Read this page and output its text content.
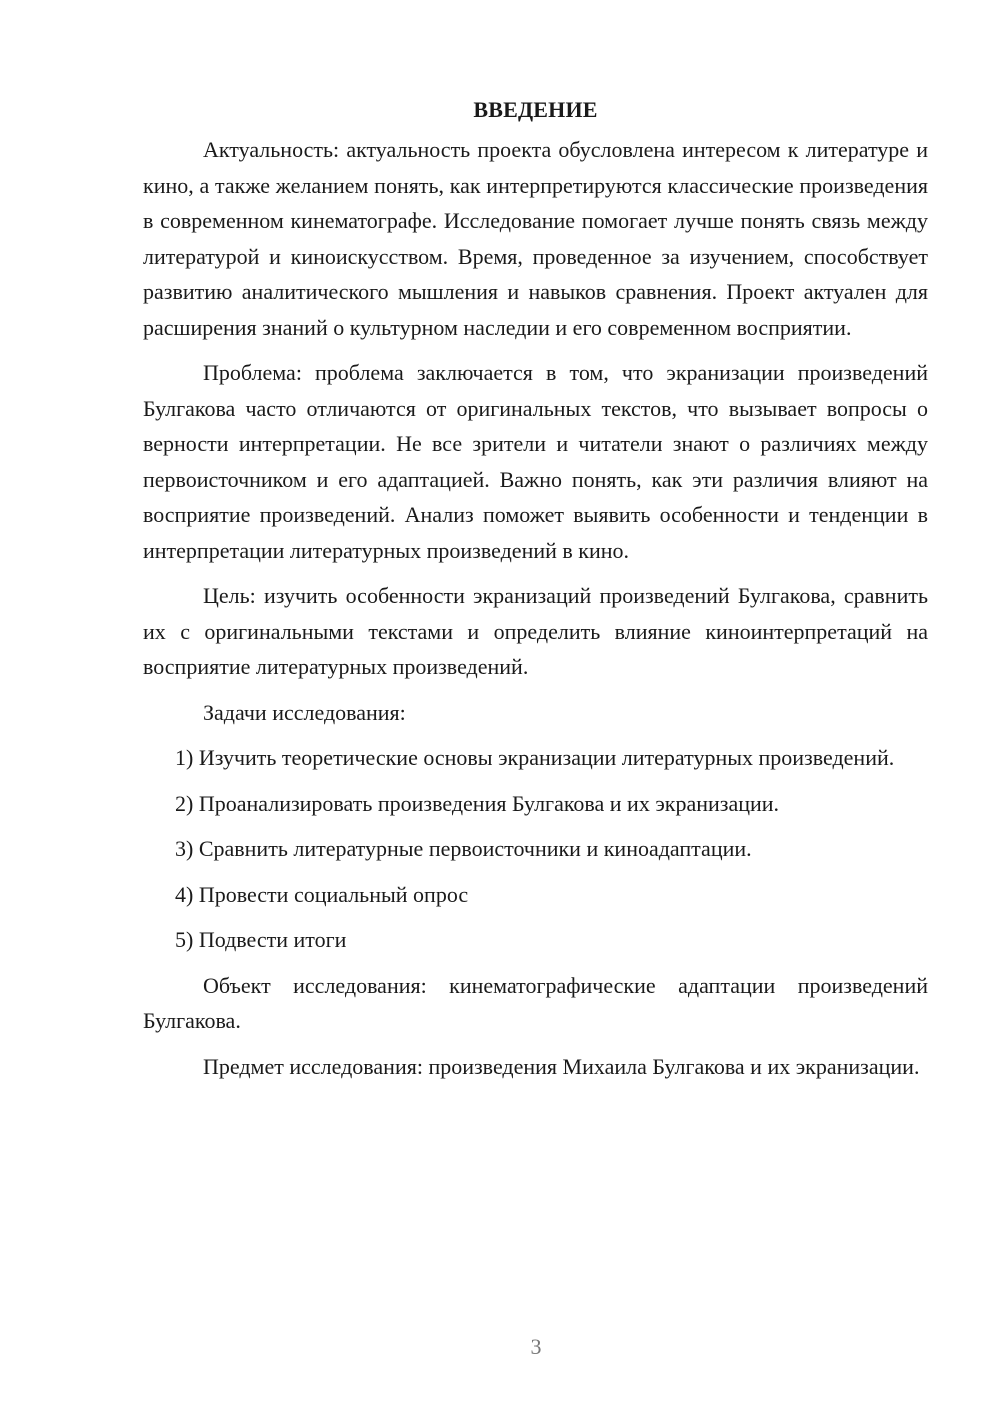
ВВЕДЕНИЕ

Актуальность: актуальность проекта обусловлена интересом к литературе и кино, а также желанием понять, как интерпретируются классические произведения в современном кинематографе. Исследование помогает лучше понять связь между литературой и киноискусством. Время, проведенное за изучением, способствует развитию аналитического мышления и навыков сравнения. Проект актуален для расширения знаний о культурном наследии и его современном восприятии.

Проблема: проблема заключается в том, что экранизации произведений Булгакова часто отличаются от оригинальных текстов, что вызывает вопросы о верности интерпретации. Не все зрители и читатели знают о различиях между первоисточником и его адаптацией. Важно понять, как эти различия влияют на восприятие произведений. Анализ поможет выявить особенности и тенденции в интерпретации литературных произведений в кино.

Цель: изучить особенности экранизаций произведений Булгакова, сравнить их с оригинальными текстами и определить влияние киноинтерпретаций на восприятие литературных произведений.

Задачи исследования:

1) Изучить теоретические основы экранизации литературных произведений.

2) Проанализировать произведения Булгакова и их экранизации.

3) Сравнить литературные первоисточники и киноадаптации.

4) Провести социальный опрос

5) Подвести итоги

Объект исследования: кинематографические адаптации произведений Булгакова.

Предмет исследования: произведения Михаила Булгакова и их экранизации.

3
